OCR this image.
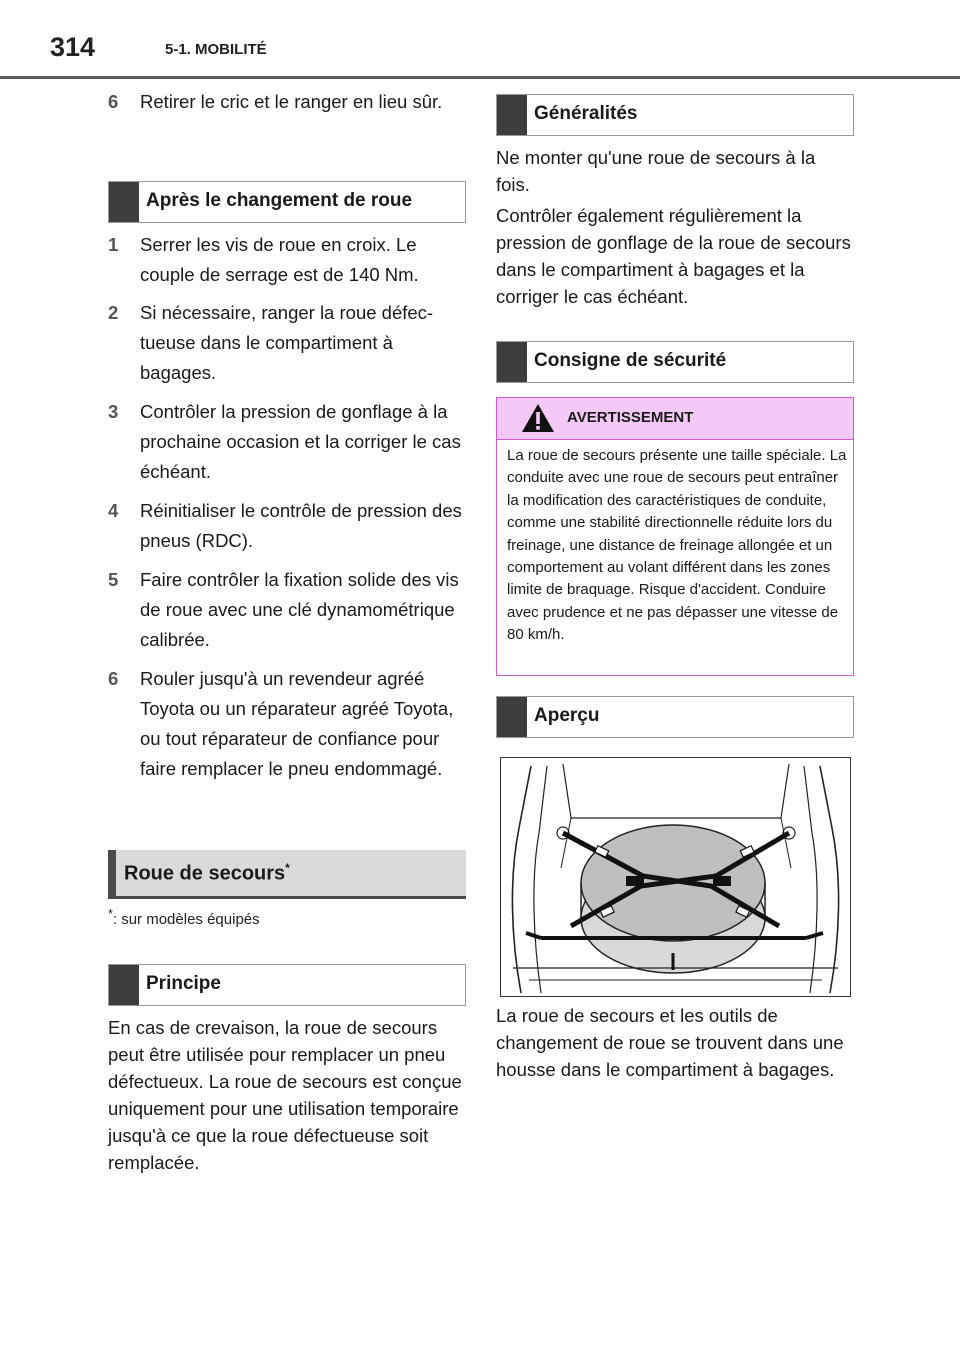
314	5-1. MOBILITÉ
6	Retirer le cric et le ranger en lieu sûr.
Après le changement de roue
1	Serrer les vis de roue en croix. Le couple de serrage est de 140 Nm.
2	Si nécessaire, ranger la roue défectueuse dans le compartiment à bagages.
3	Contrôler la pression de gonflage à la prochaine occasion et la corriger le cas échéant.
4	Réinitialiser le contrôle de pression des pneus (RDC).
5	Faire contrôler la fixation solide des vis de roue avec une clé dynamométrique calibrée.
6	Rouler jusqu'à un revendeur agréé Toyota ou un réparateur agréé Toyota, ou tout réparateur de confiance pour faire remplacer le pneu endommagé.
Roue de secours*
*: sur modèles équipés
Principe

En cas de crevaison, la roue de secours peut être utilisée pour remplacer un pneu défectueux. La roue de secours est conçue uniquement pour une utilisation temporaire jusqu'à ce que la roue défectueuse soit remplacée.

Généralités

Ne monter qu'une roue de secours à la fois.

Contrôler également régulièrement la pression de gonflage de la roue de secours dans le compartiment à bagages et la corriger le cas échéant.

Consigne de sécurité
AVERTISSEMENT

La roue de secours présente une taille spéciale. La conduite avec une roue de secours peut entraîner la modification des caractéristiques de conduite, comme une stabilité directionnelle réduite lors du freinage, une distance de freinage allongée et un comportement au volant différent dans les zones limite de braquage. Risque d'accident. Conduire avec prudence et ne pas dépasser une vitesse de 80 km/h.

Aperçu

La roue de secours et les outils de changement de roue se trouvent dans une housse dans le compartiment à bagages.
